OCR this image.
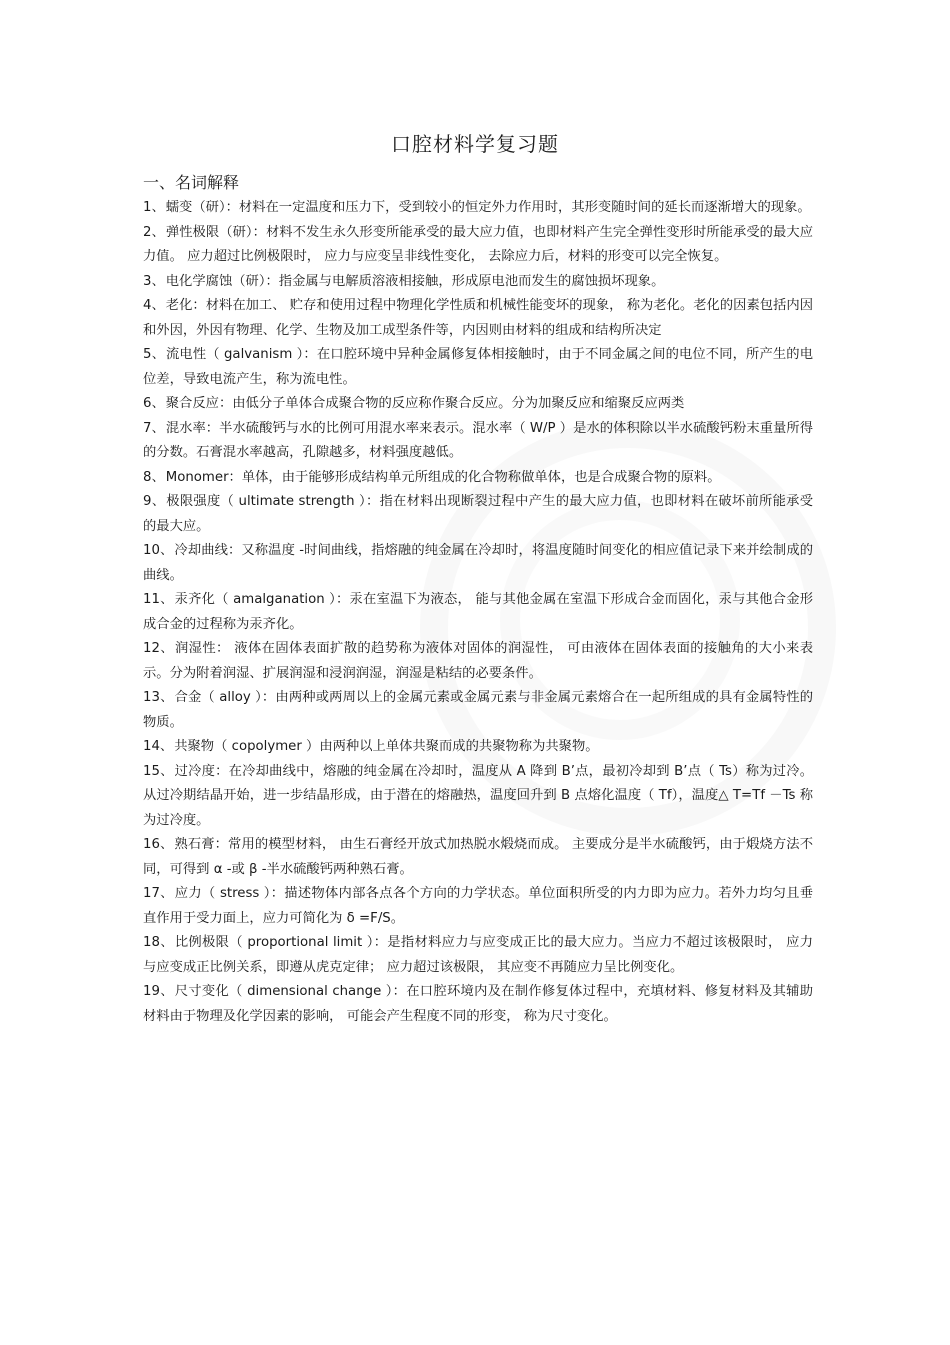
口腔材料学复习题
一、名词解释

1、蠕变（研）：材料在一定温度和压力下，受到较小的恒定外力作用时，其形变随时间的延长而逐渐增大的现象。

2、弹性极限（研）：材料不发生永久形变所能承受的最大应力值，也即材料产生完全弹性变形时所能承受的最大应力值。 应力超过比例极限时， 应力与应变呈非线性变化， 去除应力后，材料的形变可以完全恢复。

3、电化学腐蚀（研）：指金属与电解质溶液相接触，形成原电池而发生的腐蚀损坏现象。

4、老化：材料在加工、 贮存和使用过程中物理化学性质和机械性能变坏的现象， 称为老化。老化的因素包括内因和外因，外因有物理、化学、生物及加工成型条件等，内因则由材料的组成和结构所决定

5、流电性（ galvanism ）：在口腔环境中异种金属修复体相接触时，由于不同金属之间的电位不同，所产生的电位差，导致电流产生，称为流电性。

6、聚合反应：由低分子单体合成聚合物的反应称作聚合反应。分为加聚反应和缩聚反应两类

7、混水率：半水硫酸钙与水的比例可用混水率来表示。混水率（ W/P ）是水的体积除以半水硫酸钙粉末重量所得的分数。石膏混水率越高，孔隙越多，材料强度越低。

8、Monomer：单体，由于能够形成结构单元所组成的化合物称做单体，也是合成聚合物的原料。

9、极限强度（ ultimate strength ）：指在材料出现断裂过程中产生的最大应力值，也即材料在破坏前所能承受的最大应。

10、冷却曲线：又称温度 -时间曲线，指熔融的纯金属在冷却时，将温度随时间变化的相应值记录下来并绘制成的曲线。

11、汞齐化（ amalganation ）：汞在室温下为液态， 能与其他金属在室温下形成合金而固化，汞与其他合金形成合金的过程称为汞齐化。

12、润湿性： 液体在固体表面扩散的趋势称为液体对固体的润湿性， 可由液体在固体表面的接触角的大小来表示。分为附着润湿、扩展润湿和浸润润湿，润湿是粘结的必要条件。

13、合金（ alloy ）：由两种或两周以上的金属元素或金属元素与非金属元素熔合在一起所组成的具有金属特性的物质。

14、共聚物（ copolymer ）由两种以上单体共聚而成的共聚物称为共聚物。

15、过冷度：在冷却曲线中，熔融的纯金属在冷却时，温度从 A 降到 B’点，最初冷却到 B’点（ Ts）称为过冷。从过冷期结晶开始，进一步结晶形成，由于潜在的熔融热，温度回升到 B 点熔化温度（ Tf），温度△ T=Tf －Ts 称为过冷度。

16、熟石膏：常用的模型材料， 由生石膏经开放式加热脱水煅烧而成。 主要成分是半水硫酸钙，由于煅烧方法不同，可得到 α -或 β -半水硫酸钙两种熟石膏。

17、应力（ stress ）：描述物体内部各点各个方向的力学状态。单位面积所受的内力即为应力。若外力均匀且垂直作用于受力面上，应力可简化为 δ =F/S。

18、比例极限（ proportional limit ）：是指材料应力与应变成正比的最大应力。当应力不超过该极限时， 应力与应变成正比例关系，即遵从虎克定律； 应力超过该极限， 其应变不再随应力呈比例变化。

19、尺寸变化（ dimensional change ）：在口腔环境内及在制作修复体过程中，充填材料、修复材料及其辅助材料由于物理及化学因素的影响， 可能会产生程度不同的形变， 称为尺寸变化。
